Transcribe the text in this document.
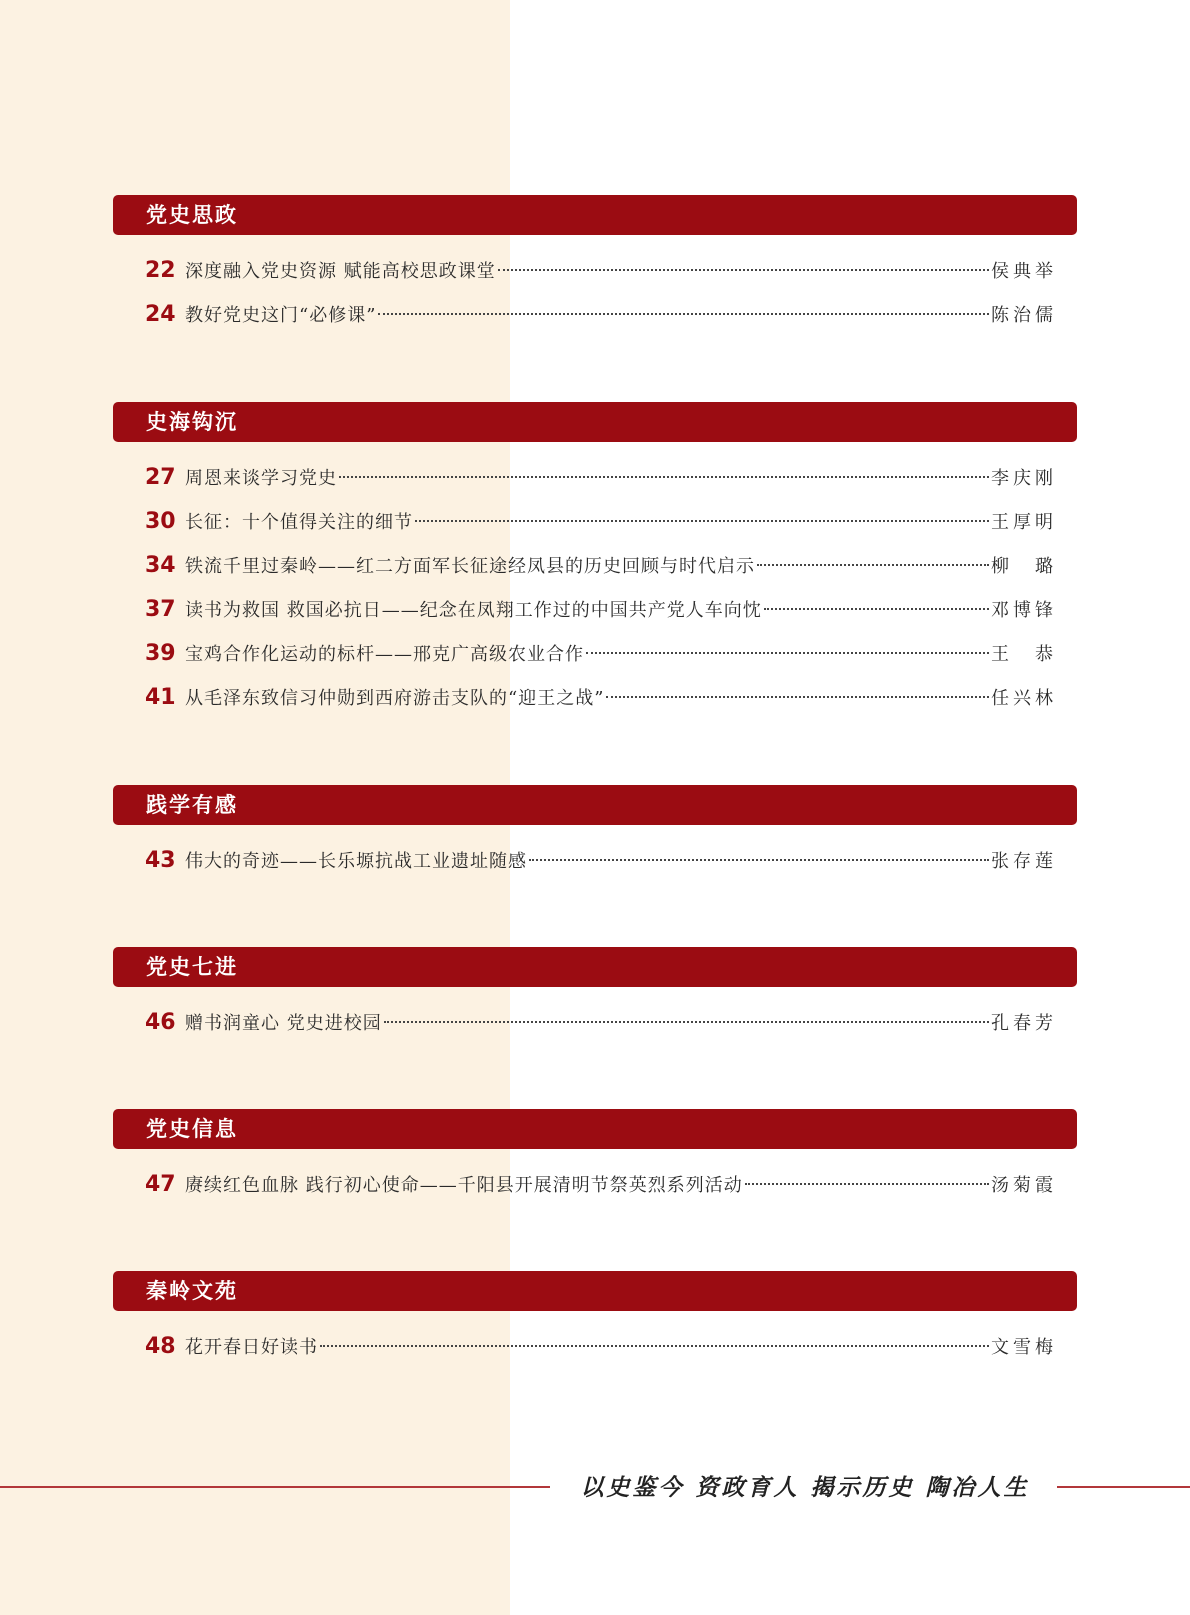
党史思政
22 深度融入党史资源 赋能高校思政课堂	侯典举
24 教好党史这门“必修课”	陈治儒
史海钩沉
27 周恩来谈学习党史	李庆刚
30 长征：十个值得关注的细节	王厚明
34 铁流千里过秦岭——红二方面军长征途经凤县的历史回顾与时代启示	柳　璐
37 读书为救国 救国必抗日——纪念在凤翔工作过的中国共产党人车向忱	邓博锋
39 宝鸡合作化运动的标杆——邢克广高级农业合作	王　恭
41 从毛泽东致信习仲勋到西府游击支队的“迎王之战”	任兴林
践学有感
43 伟大的奇迹——长乐塬抗战工业遗址随感	张存莲
党史七进
46 赠书润童心 党史进校园	孔春芳
党史信息
47 赓续红色血脉 践行初心使命——千阳县开展清明节祭英烈系列活动	汤菊霞
秦岭文苑
48 花开春日好读书	文雪梅
以史鉴今 资政育人 揭示历史 陶冶人生
